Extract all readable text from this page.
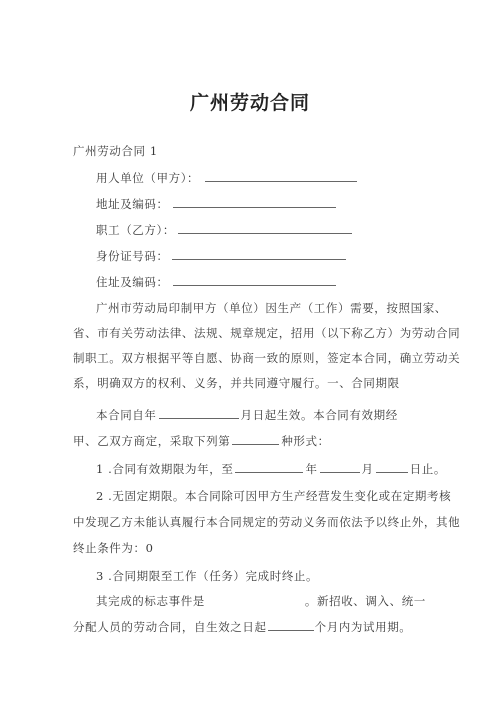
广州劳动合同
广州劳动合同 1
用人单位（甲方）：
地址及编码：
职工（乙方）：
身份证号码：
住址及编码：
广州市劳动局印制甲方（单位）因生产（工作）需要，按照国家、
省、市有关劳动法律、法规、规章规定，招用（以下称乙方）为劳动合同
制职工。双方根据平等自愿、协商一致的原则，签定本合同，确立劳动关
系，明确双方的权利、义务，并共同遵守履行。一、合同期限
本合同自年	月日起生效。本合同有效期经
甲、乙双方商定，采取下列第	种形式：
1 .合同有效期限为年，至	年	月	日止。
2 .无固定期限。本合同除可因甲方生产经营发生变化或在定期考核
中发现乙方未能认真履行本合同规定的劳动义务而依法予以终止外，其他
终止条件为：0
3 .合同期限至工作（任务）完成时终止。
其完成的标志事件是	。新招收、调入、统一
分配人员的劳动合同，自生效之日起	个月内为试用期。
